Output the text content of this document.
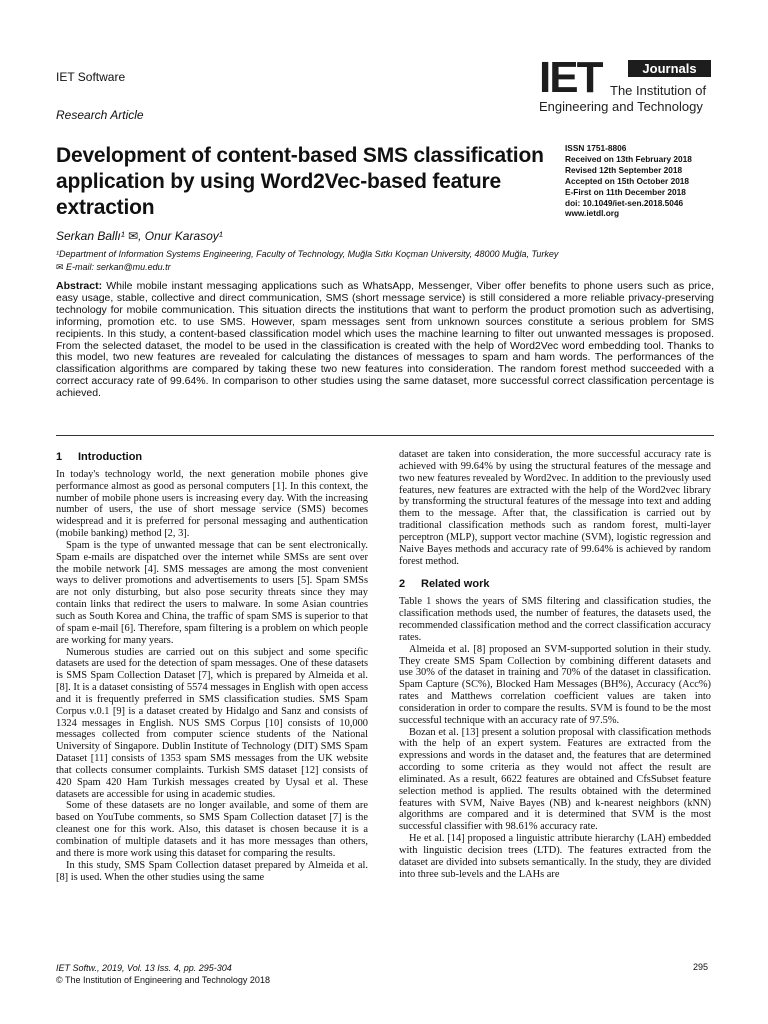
IET Software
Research Article
IET	Journals
The Institution of
Engineering and Technology
Development of content-based SMS classification application by using Word2Vec-based feature extraction
ISSN 1751-8806
Received on 13th February 2018
Revised 12th September 2018
Accepted on 15th October 2018
E-First on 11th December 2018
doi: 10.1049/iet-sen.2018.5046
www.ietdl.org
Serkan Ballı¹ ✉, Onur Karasoy¹
¹Department of Information Systems Engineering, Faculty of Technology, Muğla Sıtkı Koçman University, 48000 Muğla, Turkey
✉ E-mail: serkan@mu.edu.tr
Abstract: While mobile instant messaging applications such as WhatsApp, Messenger, Viber offer benefits to phone users such as price, easy usage, stable, collective and direct communication, SMS (short message service) is still considered a more reliable privacy-preserving technology for mobile communication. This situation directs the institutions that want to perform the product promotion such as advertising, informing, promotion etc. to use SMS. However, spam messages sent from unknown sources constitute a serious problem for SMS recipients. In this study, a content-based classification model which uses the machine learning to filter out unwanted messages is proposed. From the selected dataset, the model to be used in the classification is created with the help of Word2Vec word embedding tool. Thanks to this model, two new features are revealed for calculating the distances of messages to spam and ham words. The performances of the classification algorithms are compared by taking these two new features into consideration. The random forest method succeeded with a correct accuracy rate of 99.64%. In comparison to other studies using the same dataset, more successful correct classification percentage is achieved.
1 Introduction

In today's technology world, the next generation mobile phones give performance almost as good as personal computers [1]. In this context, the number of mobile phone users is increasing every day. With the increasing number of users, the use of short message service (SMS) becomes widespread and it is preferred for personal messaging and authentication (mobile banking) method [2, 3].

Spam is the type of unwanted message that can be sent electronically. Spam e-mails are dispatched over the internet while SMSs are sent over the mobile network [4]. SMS messages are among the most convenient ways to deliver promotions and advertisements to users [5]. Spam SMSs are not only disturbing, but also pose security threats since they may contain links that redirect the users to malware. In some Asian countries such as South Korea and China, the traffic of spam SMS is superior to that of spam e-mail [6]. Therefore, spam filtering is a problem on which people are working for many years.

Numerous studies are carried out on this subject and some specific datasets are used for the detection of spam messages. One of these datasets is SMS Spam Collection Dataset [7], which is prepared by Almeida et al. [8]. It is a dataset consisting of 5574 messages in English with open access and it is frequently preferred in SMS classification studies. SMS Spam Corpus v.0.1 [9] is a dataset created by Hidalgo and Sanz and consists of 1324 messages in English. NUS SMS Corpus [10] consists of 10,000 messages collected from computer science students of the National University of Singapore. Dublin Institute of Technology (DIT) SMS Spam Dataset [11] consists of 1353 spam SMS messages from the UK website that collects consumer complaints. Turkish SMS dataset [12] consists of 420 Spam 420 Ham Turkish messages created by Uysal et al. These datasets are accessible for using in academic studies.

Some of these datasets are no longer available, and some of them are based on YouTube comments, so SMS Spam Collection dataset [7] is the cleanest one for this work. Also, this dataset is chosen because it is a combination of multiple datasets and it has more messages than others, and there is more work using this dataset for comparing the results.

In this study, SMS Spam Collection dataset prepared by Almeida et al. [8] is used. When the other studies using the same

dataset are taken into consideration, the more successful accuracy rate is achieved with 99.64% by using the structural features of the message and two new features revealed by Word2vec. In addition to the previously used features, new features are extracted with the help of the Word2vec library by transforming the structural features of the message into text and adding them to the message. After that, the classification is carried out by traditional classification methods such as random forest, multi-layer perceptron (MLP), support vector machine (SVM), logistic regression and Naive Bayes methods and accuracy rate of 99.64% is achieved by random forest method.

2 Related work

Table 1 shows the years of SMS filtering and classification studies, the classification methods used, the number of features, the datasets used, the recommended classification method and the correct classification accuracy rates.

Almeida et al. [8] proposed an SVM-supported solution in their study. They create SMS Spam Collection by combining different datasets and use 30% of the dataset in training and 70% of the dataset in classification. Spam Capture (SC%), Blocked Ham Messages (BH%), Accuracy (Acc%) rates and Matthews correlation coefficient values are taken into consideration in order to compare the results. SVM is found to be the most successful technique with an accuracy rate of 97.5%.

Bozan et al. [13] present a solution proposal with classification methods with the help of an expert system. Features are extracted from the expressions and words in the dataset and, the features that are determined according to some criteria as they would not affect the result are eliminated. As a result, 6622 features are obtained and CfsSubset feature selection method is applied. The results obtained with the determined features with SVM, Naive Bayes (NB) and k-nearest neighbors (kNN) algorithms are compared and it is determined that SVM is the most successful classifier with 98.61% accuracy rate.

He et al. [14] proposed a linguistic attribute hierarchy (LAH) embedded with linguistic decision trees (LTD). The features extracted from the dataset are divided into subsets semantically. In the study, they are divided into three sub-levels and the LAHs are

IET Softw., 2019, Vol. 13 Iss. 4, pp. 295-304
© The Institution of Engineering and Technology 2018
295
